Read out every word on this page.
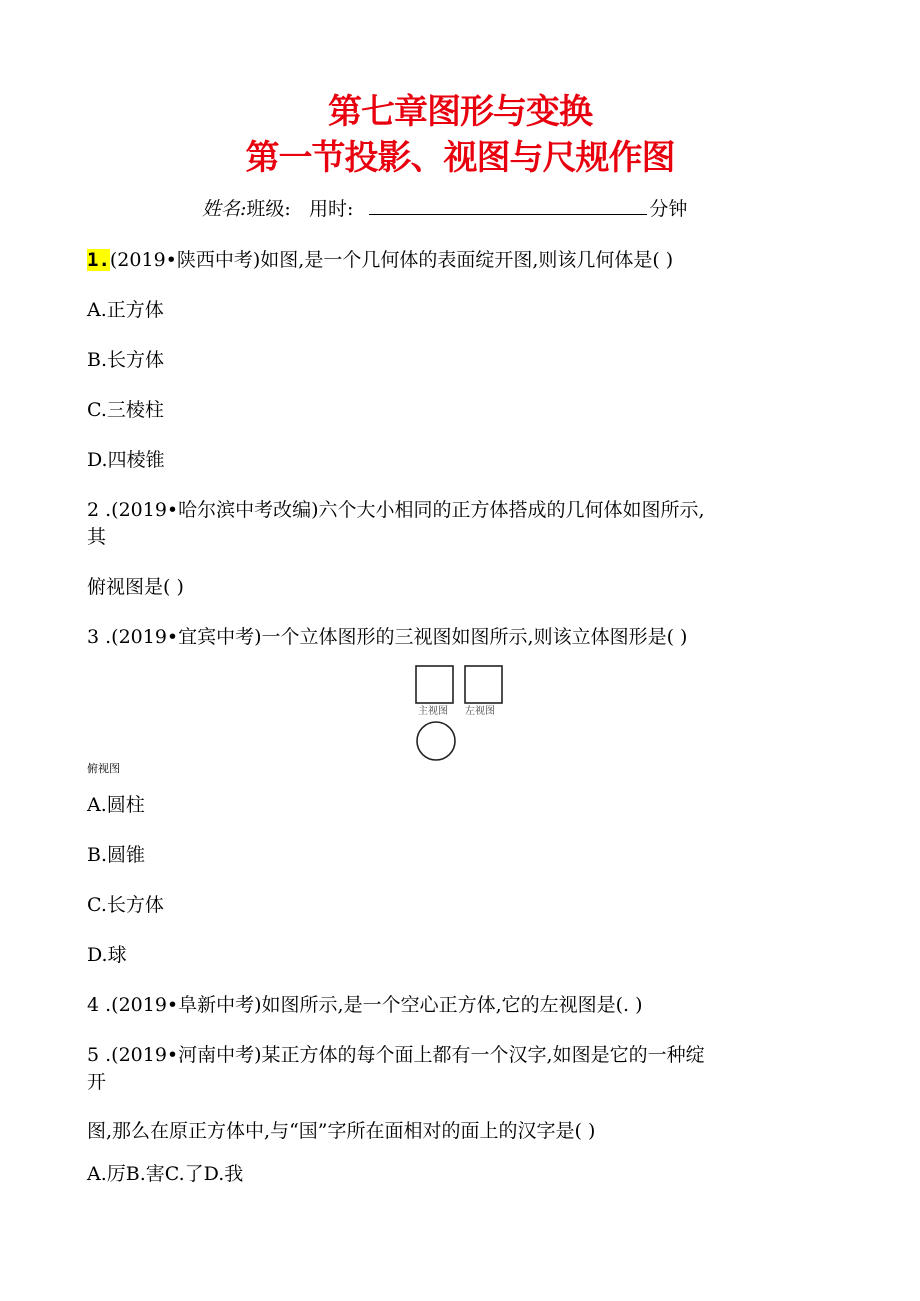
第七章图形与变换
第一节投影、视图与尺规作图
姓名:班级: 用时:	分钟
1.(2019•陕西中考)如图,是一个几何体的表面绽开图,则该几何体是( )
A.正方体
B.长方体
C.三棱柱
D.四棱锥
2 .(2019•哈尔滨中考改编)六个大小相同的正方体搭成的几何体如图所示,
其
俯视图是( )
3 .(2019•宜宾中考)一个立体图形的三视图如图所示,则该立体图形是( )
主视图 左视图
俯视图
A.圆柱
B.圆锥
C.长方体
D.球
4 .(2019•阜新中考)如图所示,是一个空心正方体,它的左视图是(. )
5 .(2019•河南中考)某正方体的每个面上都有一个汉字,如图是它的一种绽
开
图,那么在原正方体中,与“国”字所在面相对的面上的汉字是( )
A.厉B.害C.了D.我
